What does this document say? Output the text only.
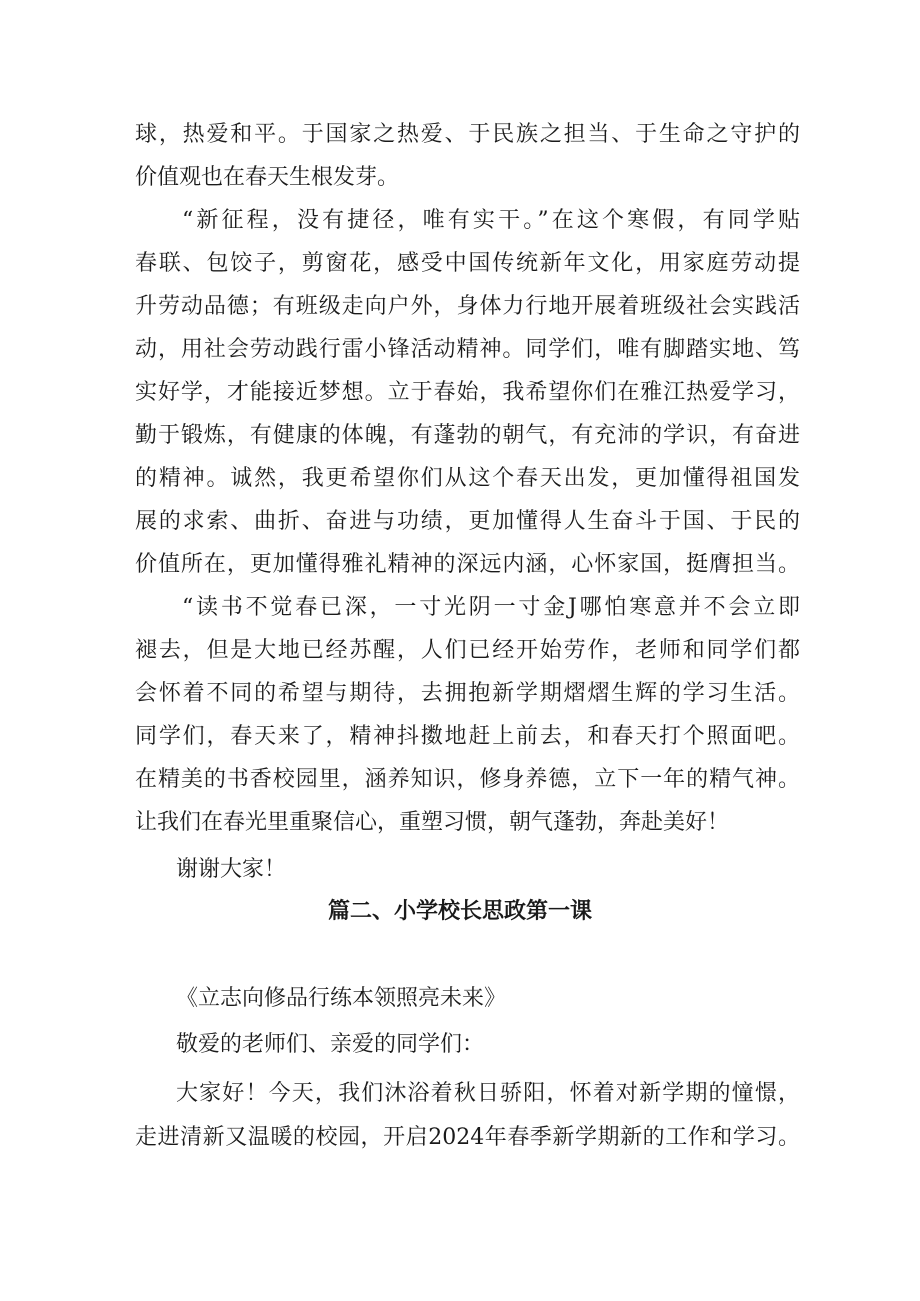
球，热爱和平。于国家之热爱、于民族之担当、于生命之守护的
价值观也在春天生根发芽。
“新征程，没有捷径，唯有实干。”在这个寒假，有同学贴
春联、包饺子，剪窗花，感受中国传统新年文化，用家庭劳动提
升劳动品德；有班级走向户外，身体力行地开展着班级社会实践活
动，用社会劳动践行雷小锋活动精神。同学们，唯有脚踏实地、笃
实好学，才能接近梦想。立于春始，我希望你们在雅江热爱学习，
勤于锻炼，有健康的体魄，有蓬勃的朝气，有充沛的学识，有奋进
的精神。诚然，我更希望你们从这个春天出发，更加懂得祖国发
展的求索、曲折、奋进与功绩，更加懂得人生奋斗于国、于民的
价值所在，更加懂得雅礼精神的深远内涵，心怀家国，挺膺担当。
“读书不觉春已深，一寸光阴一寸金J哪怕寒意并不会立即
褪去，但是大地已经苏醒，人们已经开始劳作，老师和同学们都
会怀着不同的希望与期待，去拥抱新学期熠熠生辉的学习生活。
同学们，春天来了，精神抖擞地赶上前去，和春天打个照面吧。
在精美的书香校园里，涵养知识，修身养德，立下一年的精气神。
让我们在春光里重聚信心，重塑习惯，朝气蓬勃，奔赴美好！
谢谢大家！
篇二、小学校长思政第一课
《立志向修品行练本领照亮未来》
敬爱的老师们、亲爱的同学们：
大家好！今天，我们沐浴着秋日骄阳，怀着对新学期的憧憬，
走进清新又温暖的校园，开启2024年春季新学期新的工作和学习。
